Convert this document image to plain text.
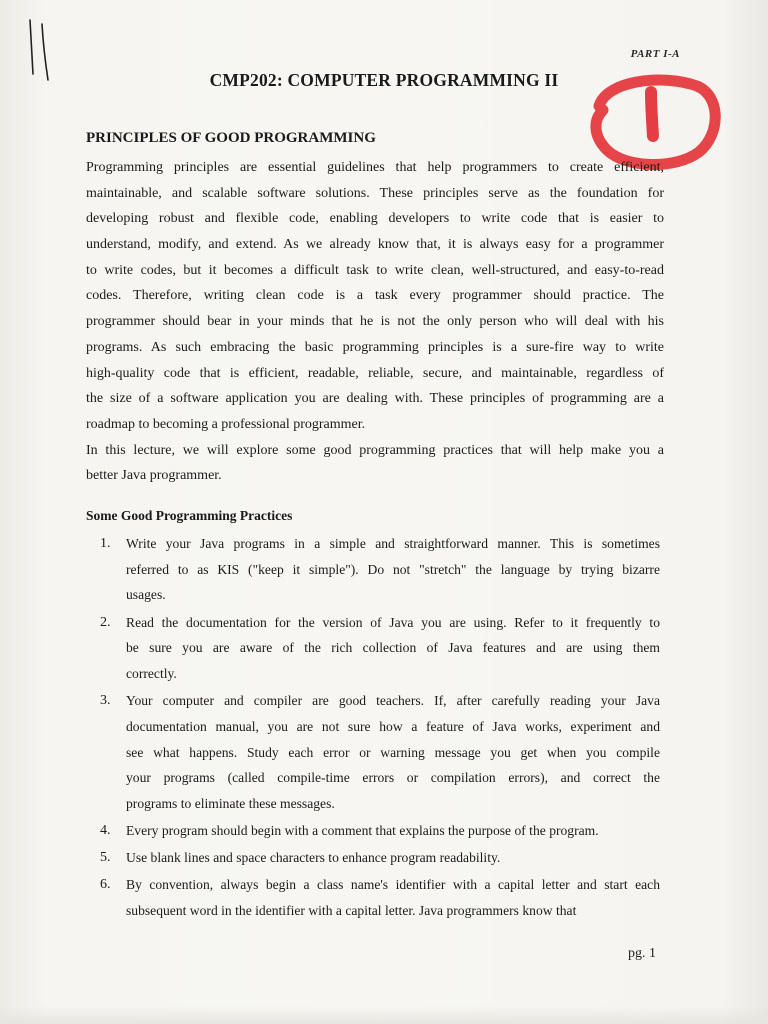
PART I-A
CMP202: COMPUTER PROGRAMMING II
PRINCIPLES OF GOOD PROGRAMMING
Programming principles are essential guidelines that help programmers to create efficient,
maintainable, and scalable software solutions. These principles serve as the foundation for
developing robust and flexible code, enabling developers to write code that is easier to
understand, modify, and extend. As we already know that, it is always easy for a programmer
to write codes, but it becomes a difficult task to write clean, well-structured, and easy-to-read
codes. Therefore, writing clean code is a task every programmer should practice. The
programmer should bear in your minds that he is not the only person who will deal with his
programs. As such embracing the basic programming principles is a sure-fire way to write
high-quality code that is efficient, readable, reliable, secure, and maintainable, regardless of
the size of a software application you are dealing with. These principles of programming are a
roadmap to becoming a professional programmer.
In this lecture, we will explore some good programming practices that will help make you a
better Java programmer.
Some Good Programming Practices
1.	Write your Java programs in a simple and straightforward manner. This is sometimes
referred to as KIS ("keep it simple"). Do not "stretch" the language by trying bizarre
usages.
2.	Read the documentation for the version of Java you are using. Refer to it frequently to
be sure you are aware of the rich collection of Java features and are using them
correctly.
3.	Your computer and compiler are good teachers. If, after carefully reading your Java
documentation manual, you are not sure how a feature of Java works, experiment and
see what happens. Study each error or warning message you get when you compile
your programs (called compile-time errors or compilation errors), and correct the
programs to eliminate these messages.
4.	Every program should begin with a comment that explains the purpose of the program.
5.	Use blank lines and space characters to enhance program readability.
6.	By convention, always begin a class name's identifier with a capital letter and start each
subsequent word in the identifier with a capital letter. Java programmers know that
pg. 1
